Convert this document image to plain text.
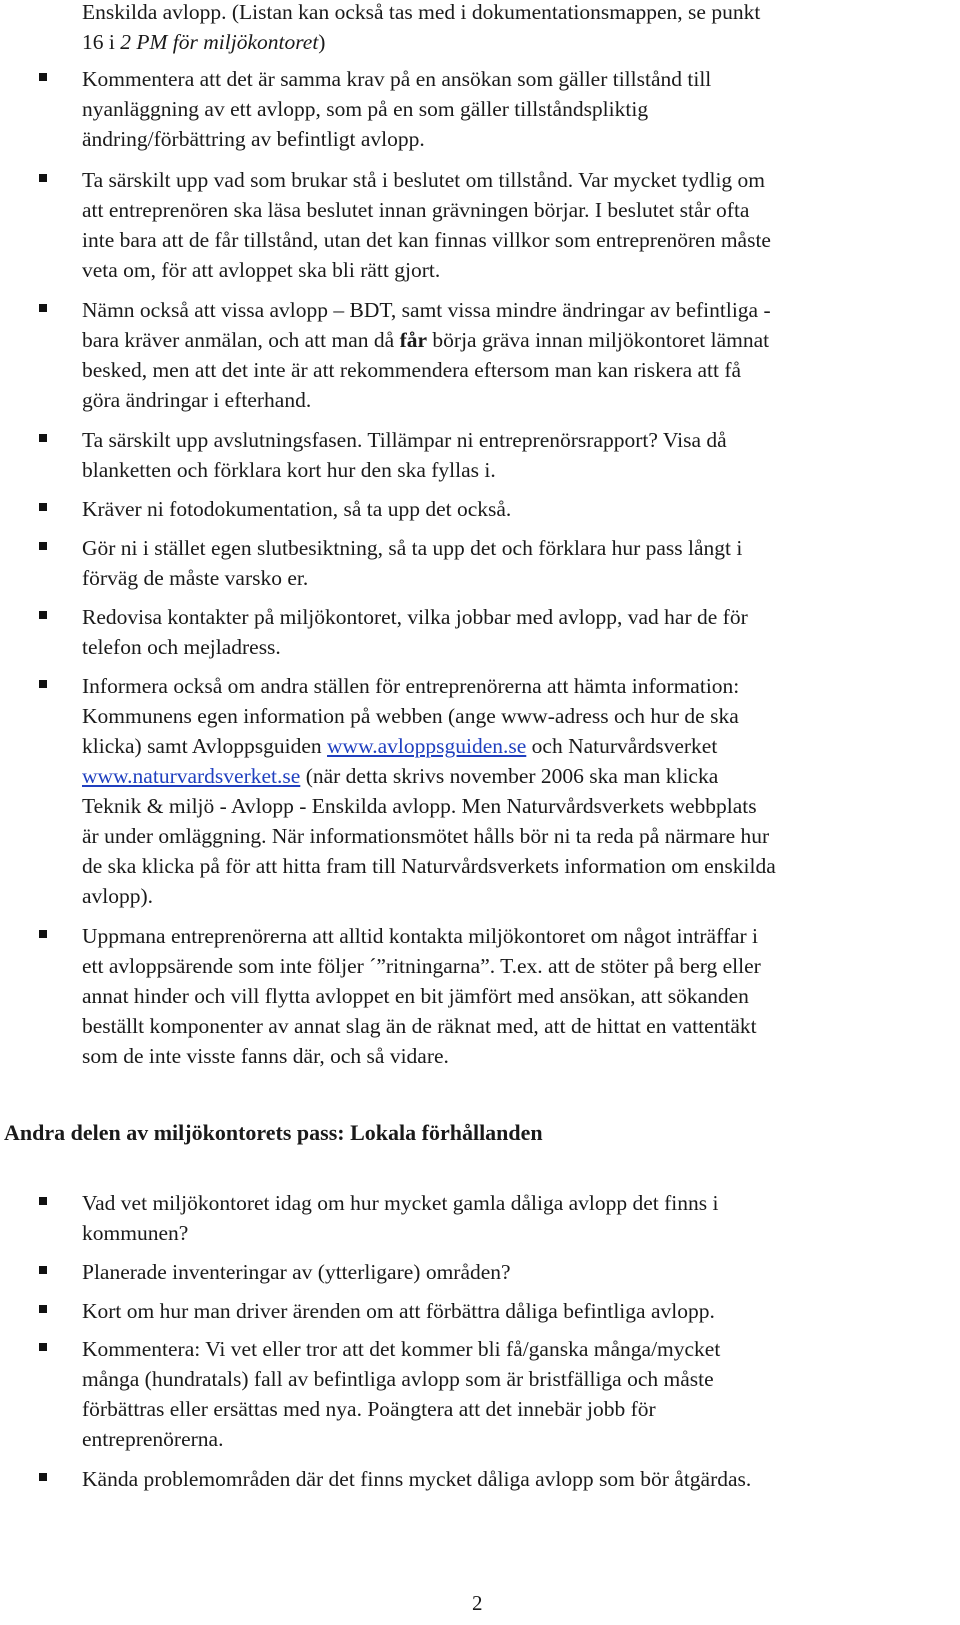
Enskilda avlopp. (Listan kan också tas med i dokumentationsmappen, se punkt
16 i 2 PM för miljökontoret)
Kommentera att det är samma krav på en ansökan som gäller tillstånd till
nyanläggning av ett avlopp, som på en som gäller tillståndspliktig
ändring/förbättring av befintligt avlopp.
Ta särskilt upp vad som brukar stå i beslutet om tillstånd. Var mycket tydlig om
att entreprenören ska läsa beslutet innan grävningen börjar. I beslutet står ofta
inte bara att de får tillstånd, utan det kan finnas villkor som entreprenören måste
veta om, för att avloppet ska bli rätt gjort.
Nämn också att vissa avlopp – BDT, samt vissa mindre ändringar av befintliga -
bara kräver anmälan, och att man då får börja gräva innan miljökontoret lämnat
besked, men att det inte är att rekommendera eftersom man kan riskera att få
göra ändringar i efterhand.
Ta särskilt upp avslutningsfasen. Tillämpar ni entreprenörsrapport? Visa då
blanketten och förklara kort hur den ska fyllas i.
Kräver ni fotodokumentation, så ta upp det också.
Gör ni i stället egen slutbesiktning, så ta upp det och förklara hur pass långt i
förväg de måste varsko er.
Redovisa kontakter på miljökontoret, vilka jobbar med avlopp, vad har de för
telefon och mejladress.
Informera också om andra ställen för entreprenörerna att hämta information:
Kommunens egen information på webben (ange www-adress och hur de ska
klicka) samt Avloppsguiden www.avloppsguiden.se och Naturvårdsverket
www.naturvardsverket.se (när detta skrivs november 2006 ska man klicka
Teknik & miljö - Avlopp - Enskilda avlopp. Men Naturvårdsverkets webbplats
är under omläggning. När informationsmötet hålls bör ni ta reda på närmare hur
de ska klicka på för att hitta fram till Naturvårdsverkets information om enskilda
avlopp).
Uppmana entreprenörerna att alltid kontakta miljökontoret om något inträffar i
ett avloppsärende som inte följer ´”ritningarna”. T.ex. att de stöter på berg eller
annat hinder och vill flytta avloppet en bit jämfört med ansökan, att sökanden
beställt komponenter av annat slag än de räknat med, att de hittat en vattentäkt
som de inte visste fanns där, och så vidare.
Andra delen av miljökontorets pass: Lokala förhållanden
Vad vet miljökontoret idag om hur mycket gamla dåliga avlopp det finns i
kommunen?
Planerade inventeringar av (ytterligare) områden?
Kort om hur man driver ärenden om att förbättra dåliga befintliga avlopp.
Kommentera: Vi vet eller tror att det kommer bli få/ganska många/mycket
många (hundratals) fall av befintliga avlopp som är bristfälliga och måste
förbättras eller ersättas med nya. Poängtera att det innebär jobb för
entreprenörerna.
Kända problemområden där det finns mycket dåliga avlopp som bör åtgärdas.
2
